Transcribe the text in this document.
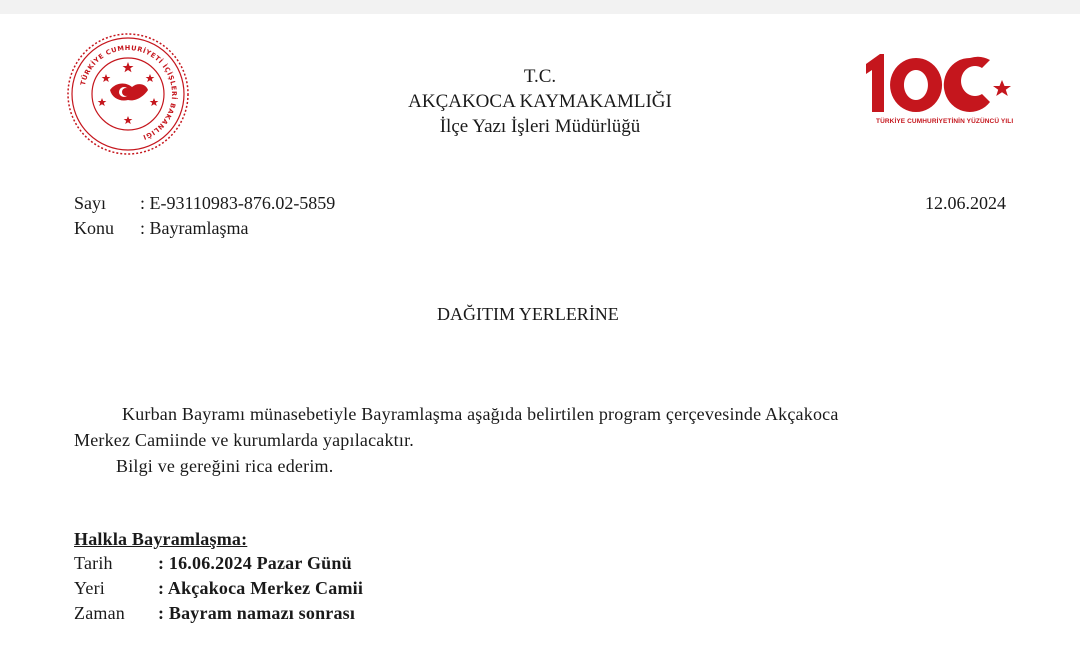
TÜRKİYE CUMHURİYETİ İÇİŞLERİ BAKANLIĞI
TÜRKİYE CUMHURİYETİNİN YÜZÜNCÜ YILI
T.C.
AKÇAKOCA KAYMAKAMLIĞI
İlçe Yazı İşleri Müdürlüğü
Sayı : E-93110983-876.02-5859	12.06.2024
Konu : Bayramlaşma
DAĞITIM YERLERİNE
Kurban Bayramı münasebetiyle Bayramlaşma aşağıda belirtilen program çerçevesinde Akçakoca
Merkez Camiinde ve kurumlarda yapılacaktır.
Bilgi ve gereğini rica ederim.
Halkla Bayramlaşma:
Tarih	: 16.06.2024 Pazar Günü
Yeri	: Akçakoca Merkez Camii
Zaman : Bayram namazı sonrası
